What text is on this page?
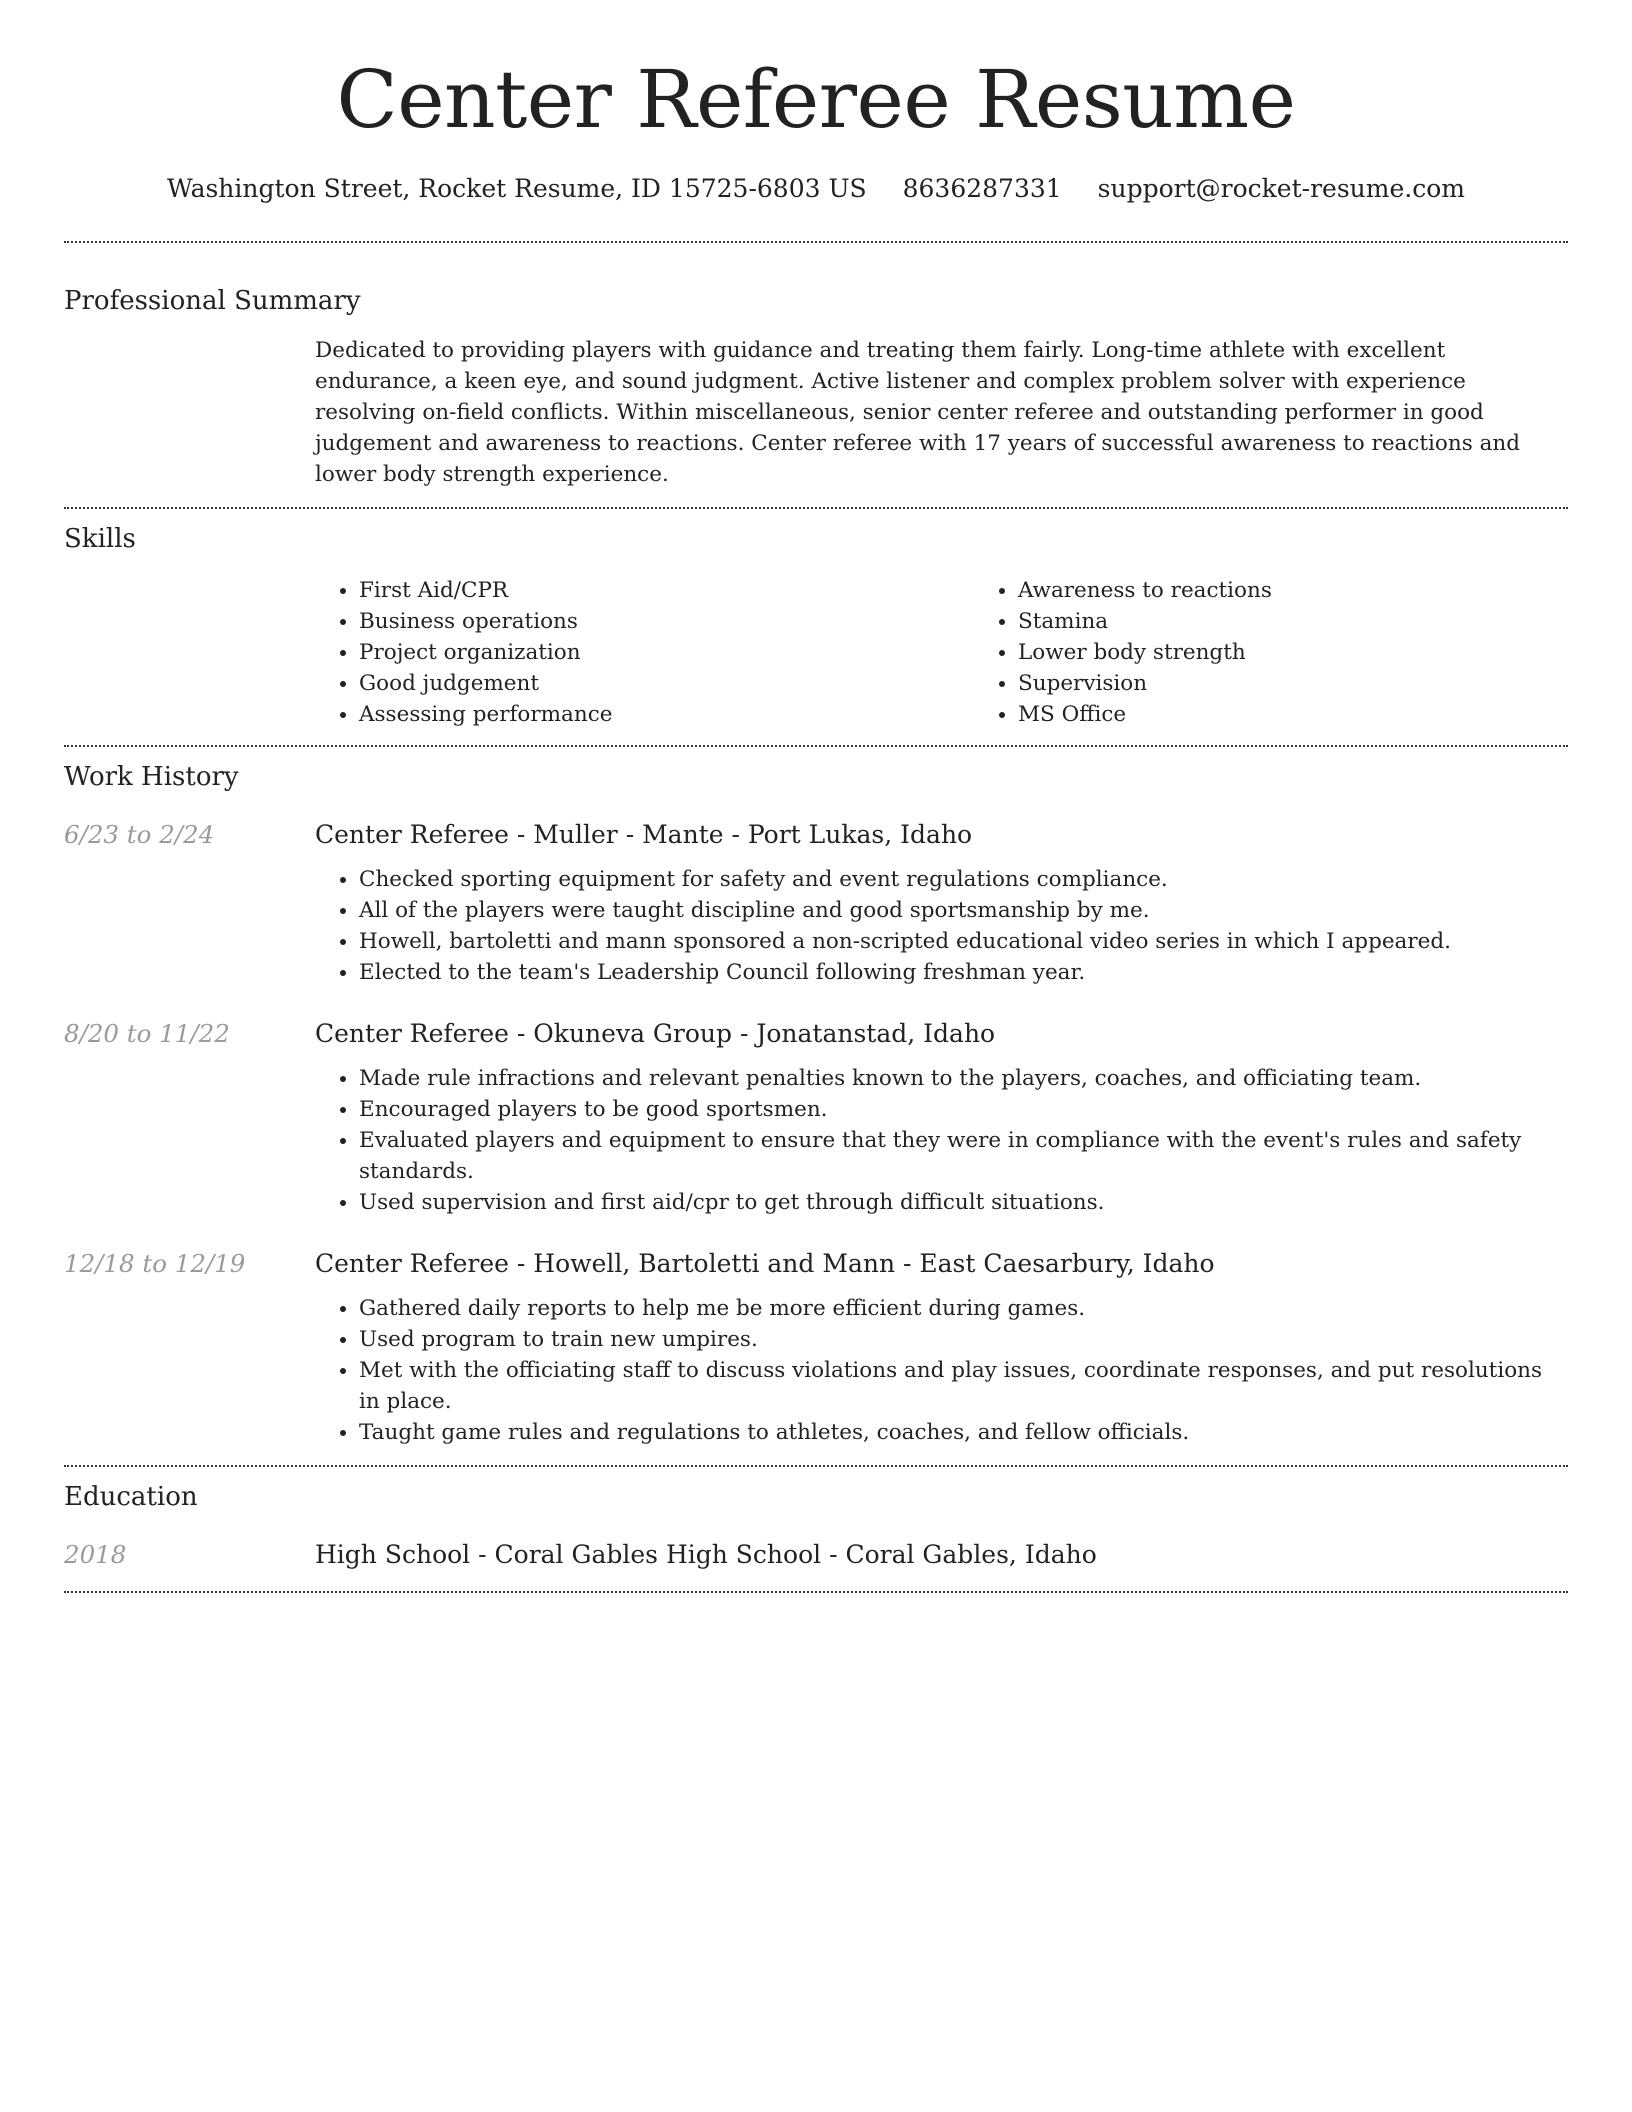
Center Referee Resume
Washington Street, Rocket Resume, ID 15725-6803 US 8636287331 support@rocket-resume.com
Professional Summary
Dedicated to providing players with guidance and treating them fairly. Long-time athlete with excellent endurance, a keen eye, and sound judgment. Active listener and complex problem solver with experience resolving on-field conflicts. Within miscellaneous, senior center referee and outstanding performer in good judgement and awareness to reactions. Center referee with 17 years of successful awareness to reactions and lower body strength experience.
Skills
• First Aid/CPR
• Business operations
• Project organization
• Good judgement
• Assessing performance
• Awareness to reactions
• Stamina
• Lower body strength
• Supervision
• MS Office
Work History
6/23 to 2/24	Center Referee - Muller - Mante - Port Lukas, Idaho
• Checked sporting equipment for safety and event regulations compliance.
• All of the players were taught discipline and good sportsmanship by me.
• Howell, bartoletti and mann sponsored a non-scripted educational video series in which I appeared.
• Elected to the team's Leadership Council following freshman year.
8/20 to 11/22	Center Referee - Okuneva Group - Jonatanstad, Idaho
• Made rule infractions and relevant penalties known to the players, coaches, and officiating team.
• Encouraged players to be good sportsmen.
• Evaluated players and equipment to ensure that they were in compliance with the event's rules and safety standards.
• Used supervision and first aid/cpr to get through difficult situations.
12/18 to 12/19	Center Referee - Howell, Bartoletti and Mann - East Caesarbury, Idaho
• Gathered daily reports to help me be more efficient during games.
• Used program to train new umpires.
• Met with the officiating staff to discuss violations and play issues, coordinate responses, and put resolutions in place.
• Taught game rules and regulations to athletes, coaches, and fellow officials.
Education
2018	High School - Coral Gables High School - Coral Gables, Idaho
